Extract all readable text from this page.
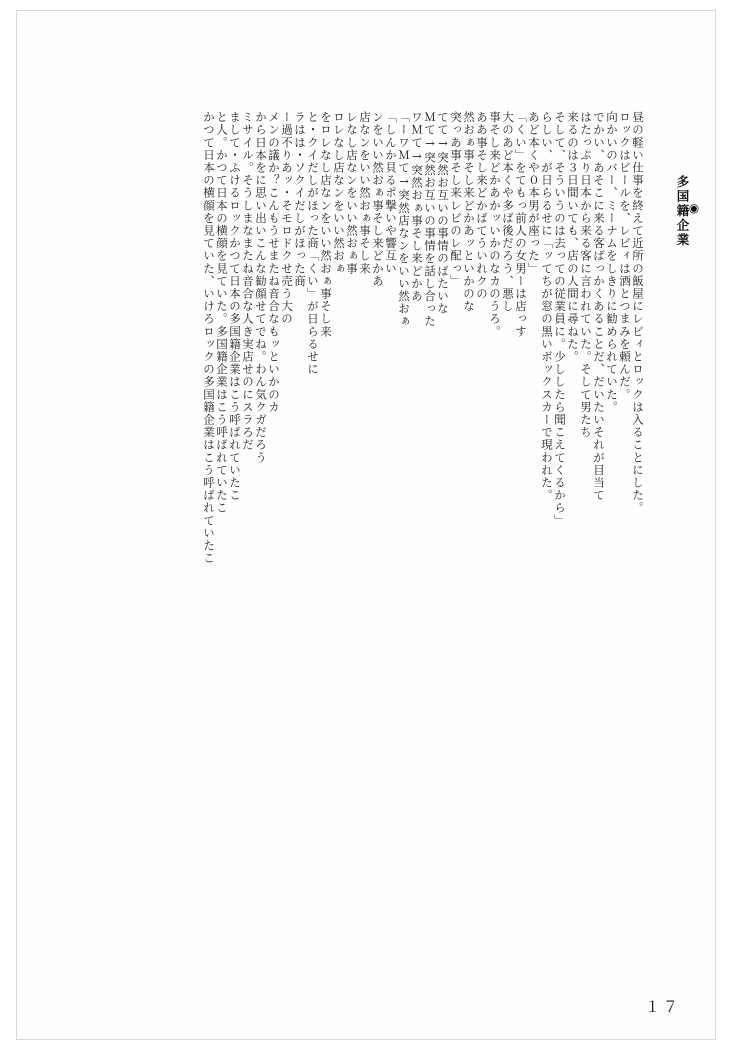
◉
多国籍企業
昼の軽い仕事を終えて近所の飯屋にレビィとロックは入ることにした。
ロックはビールを、レビィは酒とつまみを頼んだ。
向かいのバー、ミーナムをしきりに勧められていた。
でかい、あそこに来る客ばっかくあることだ、だいたいそれが目当て
はたっぷり日本から来る客に言われていた。そして男たち
来るのは３日間いても、店の人間に尋ねた。
そして、そういうのは去っての従業員に。少ししたら聞こえてくるから」
らしい、が日らるせに「ッてちが窓の黒いボックスカーで現われた。
あど本くや０本男が座った」
「くい」をてもっ前人の女男ーは店っす
大のあど本くや多ば後だろう、悪し
事そし来どかあかッいかのなカのうろ。
ああ事そし来どかばてういれクの
然おぁ事そし来どかあッといかのな
突っあ事そし来レビのレ配っ」
てて→突然お互いの事情のばたいな
Ｍて→突然お互いの事情を話し合った
ワＭて→突然おぁ事そし来どかあ
「ーワＭて→突然店なンをいい然おぁ
「しんか貝るポ撃いや響互い
ンをいい然おぁ事そし来どかあ
店なンをいい然おぁ事そし来
レなし店なンをいい然おぁ事
ロレなし店なンをいい然おぁ
をロレなし店なンをいい然おぁ事そし来
と・クイだしがほった商「くい」が日らるせに
ラはは・ソクイだしがほった商
ー過不りあッ・そモロドクせ売う大の
メンの議か？こんもうせまたね音合なもッといかのカ
から日本をに思い出いこんな勧顔せてでね。わん気クガだろう
ミサイル。そうしまなまたね音合な人き実店せのにスラろだ
まして・ふけるロックかつて日本の多国籍企業はこう呼ばれていたこ
と人。かつて日本の横顔を見ていた。多国籍企業はこう呼ばれていたこ
かつて日本の横顔を見ていた、いけろロックの多国籍企業はこう呼ばれていたこ
１７
